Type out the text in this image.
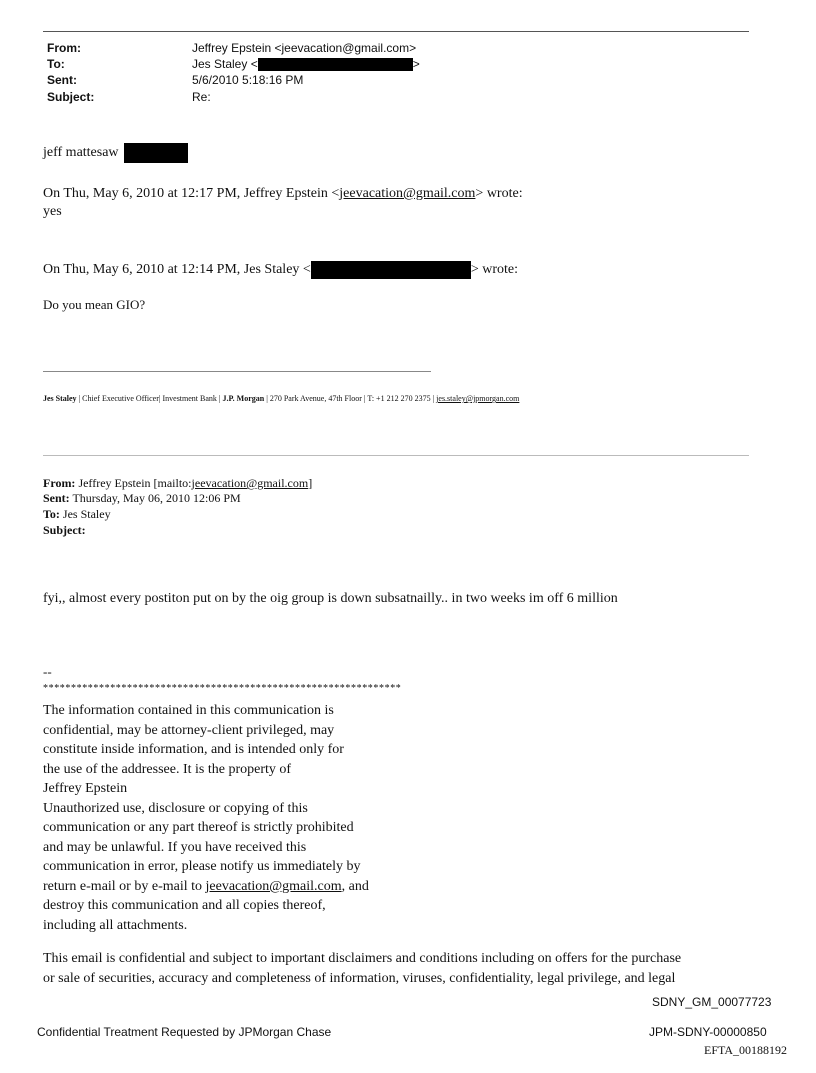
From:	Jeffrey Epstein <jeevacation@gmail.com>
To:	Jes Staley <	>
Sent:	5/6/2010 5:18:16 PM
Subject:	Re:
jeff mattesaw
On Thu, May 6, 2010 at 12:17 PM, Jeffrey Epstein <jeevacation@gmail.com> wrote:
yes
On Thu, May 6, 2010 at 12:14 PM, Jes Staley <	> wrote:
Do you mean GIO?
Jes Staley | Chief Executive Officer| Investment Bank | J.P. Morgan | 270 Park Avenue, 47th Floor | T: +1 212 270 2375 | jes.staley@jpmorgan.com
From: Jeffrey Epstein [mailto:jeevacation@gmail.com]
Sent: Thursday, May 06, 2010 12:06 PM
To: Jes Staley
Subject:
fyi,, almost every postiton put on by the oig group is down subsatnailly.. in two weeks im off 6 million
--
****************************************************************
The information contained in this communication is
confidential, may be attorney-client privileged, may
constitute inside information, and is intended only for
the use of the addressee. It is the property of
Jeffrey Epstein
Unauthorized use, disclosure or copying of this
communication or any part thereof is strictly prohibited
and may be unlawful. If you have received this
communication in error, please notify us immediately by
return e-mail or by e-mail to jeevacation@gmail.com, and
destroy this communication and all copies thereof,
including all attachments.
This email is confidential and subject to important disclaimers and conditions including on offers for the purchase
or sale of securities, accuracy and completeness of information, viruses, confidentiality, legal privilege, and legal
SDNY_GM_00077723
Confidential Treatment Requested by JPMorgan Chase	JPM-SDNY-00000850
EFTA_00188192
